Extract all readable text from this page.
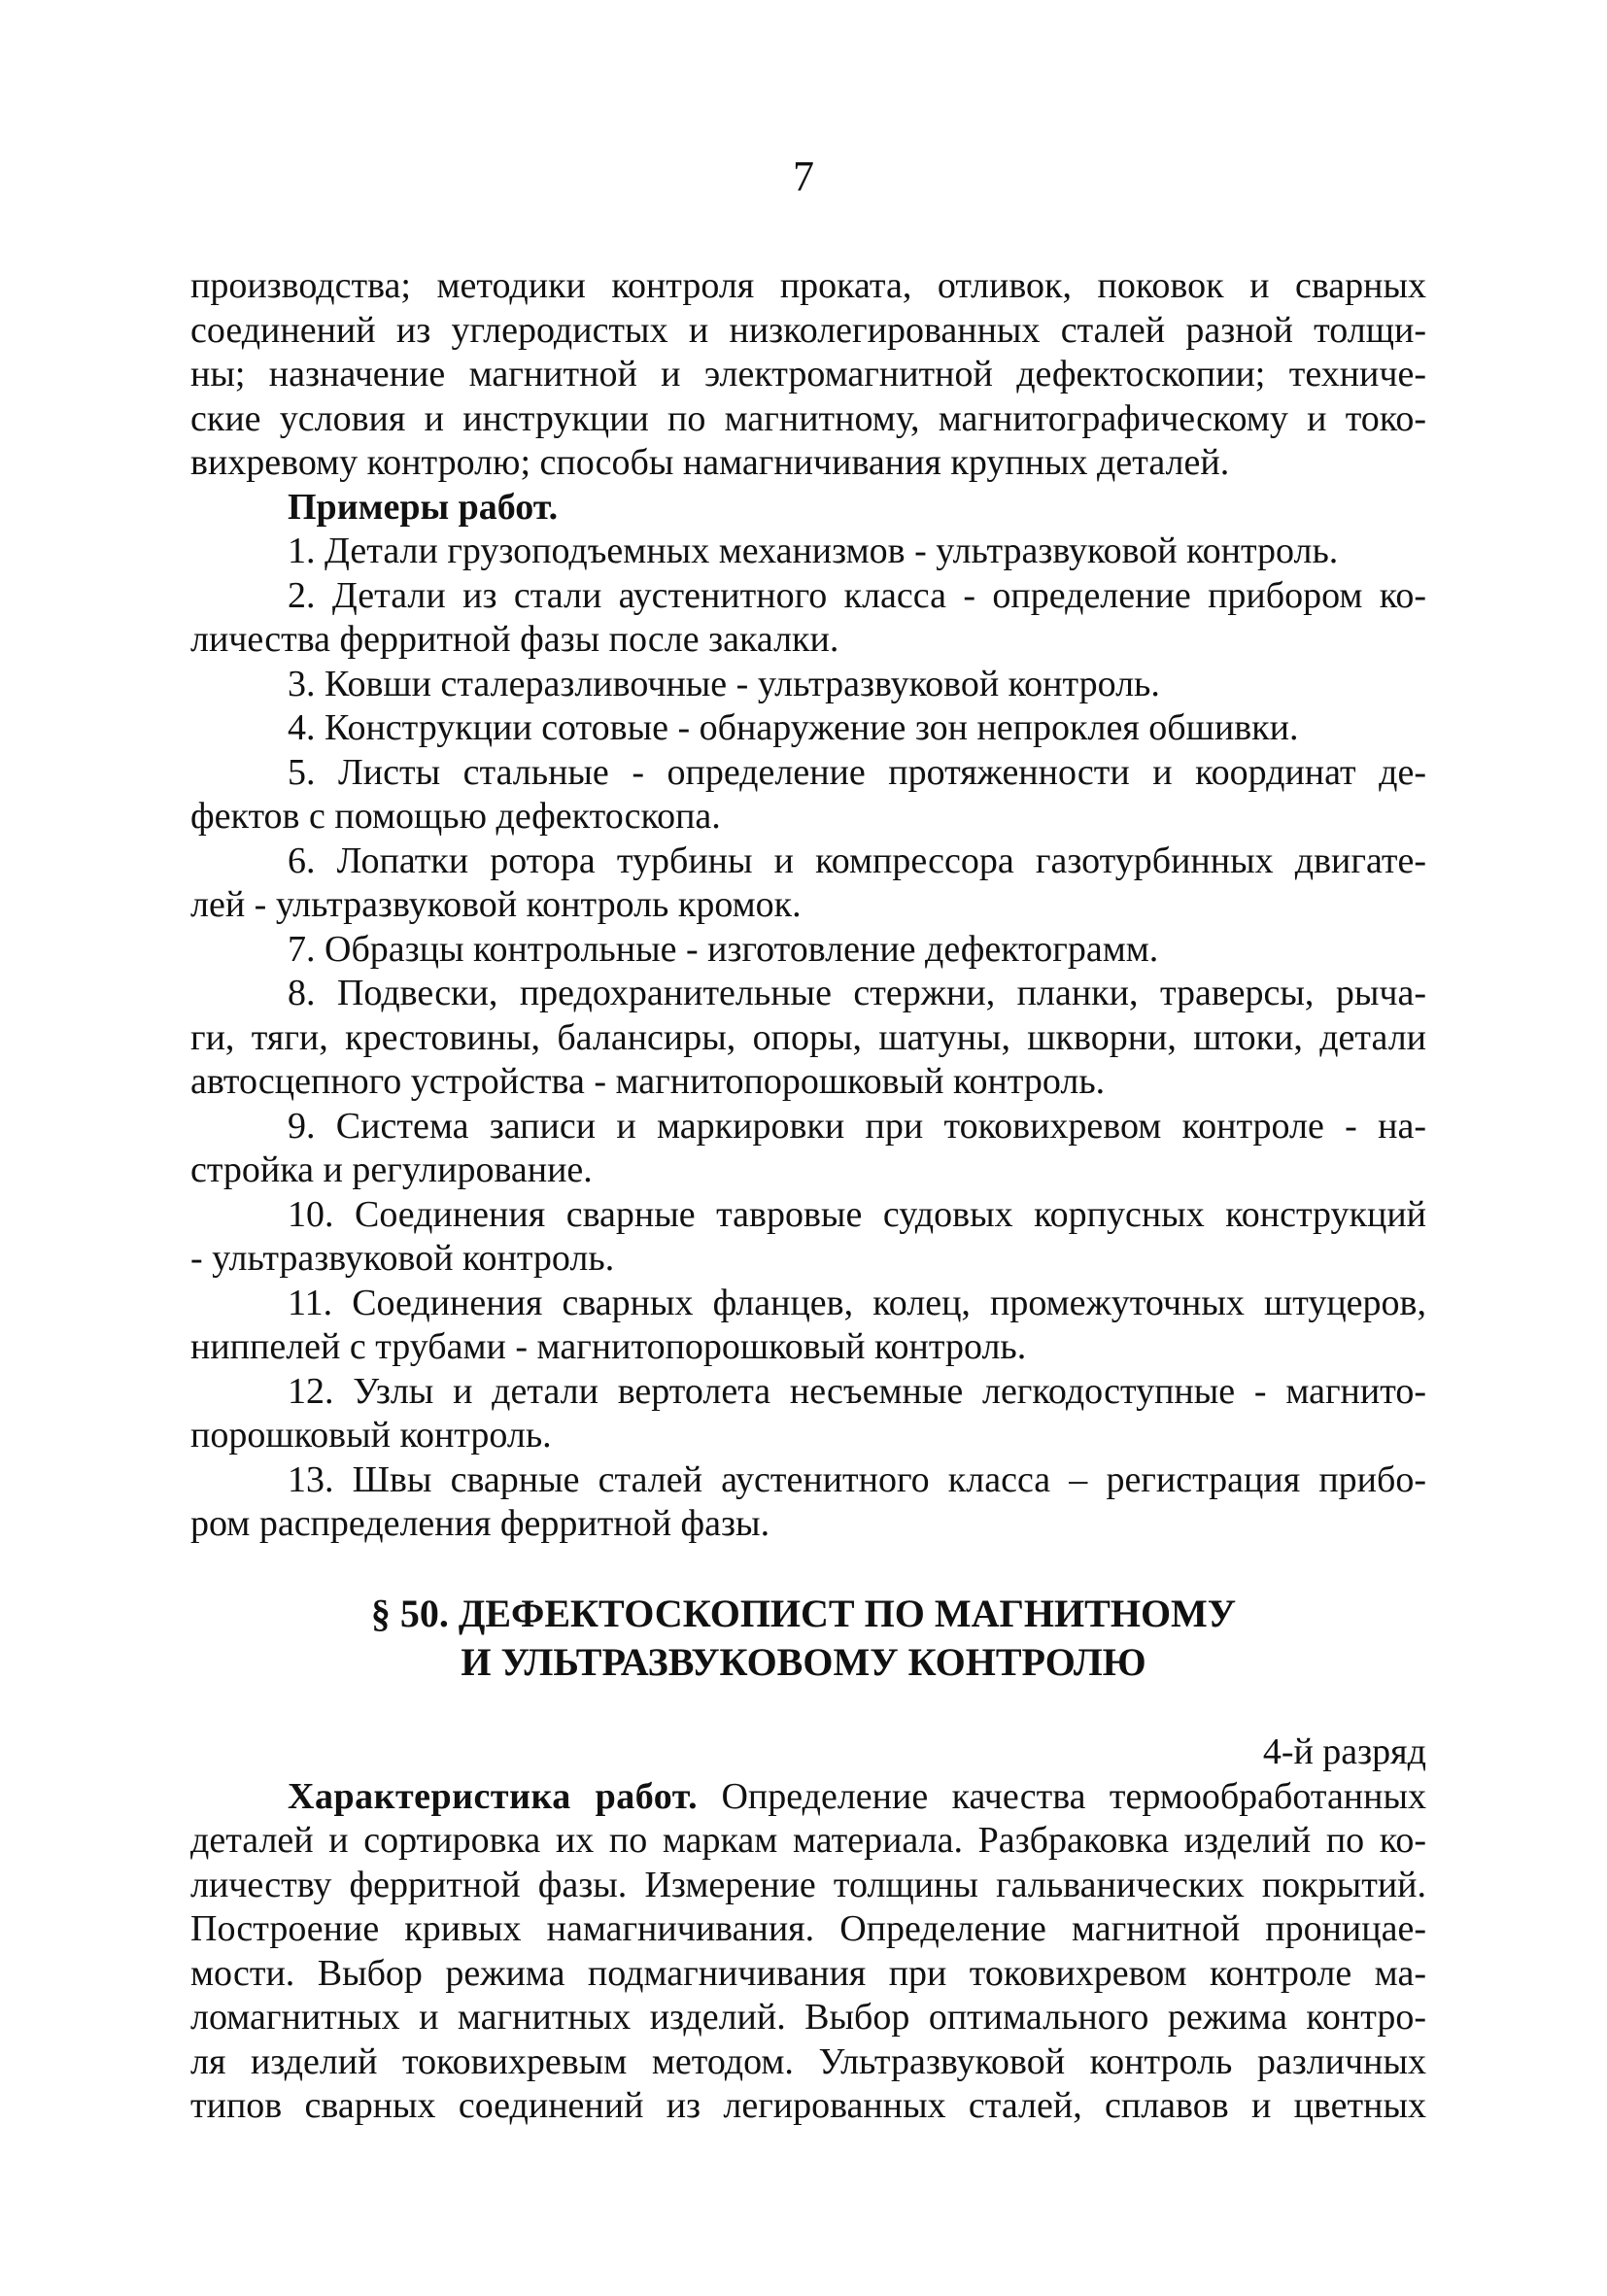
7

производства; методики контроля проката, отливок, поковок и сварных

соединений из углеродистых и низколегированных сталей разной толщи-

ны; назначение магнитной и электромагнитной дефектоскопии; техниче-

ские условия и инструкции по магнитному, магнитографическому и токо-

вихревому контролю; способы намагничивания крупных деталей.

Примеры работ.

1. Детали грузоподъемных механизмов - ультразвуковой контроль.

2. Детали из стали аустенитного класса - определение прибором ко-

личества ферритной фазы после закалки.

3. Ковши сталеразливочные - ультразвуковой контроль.

4. Конструкции сотовые - обнаружение зон непроклея обшивки.

5. Листы стальные - определение протяженности и координат де-

фектов с помощью дефектоскопа.

6. Лопатки ротора турбины и компрессора газотурбинных двигате-

лей - ультразвуковой контроль кромок.

7. Образцы контрольные - изготовление дефектограмм.

8. Подвески, предохранительные стержни, планки, траверсы, рыча-

ги, тяги, крестовины, балансиры, опоры, шатуны, шкворни, штоки, детали

автосцепного устройства - магнитопорошковый контроль.

9. Система записи и маркировки при токовихревом контроле - на-

стройка и регулирование.

10. Соединения сварные тавровые судовых корпусных конструкций

- ультразвуковой контроль.

11. Соединения сварных фланцев, колец, промежуточных штуцеров,

ниппелей с трубами - магнитопорошковый контроль.

12. Узлы и детали вертолета несъемные легкодоступные - магнито-

порошковый контроль.

13. Швы сварные сталей аустенитного класса – регистрация прибо-

ром распределения ферритной фазы.

§ 50. ДЕФЕКТОСКОПИСТ ПО МАГНИТНОМУ
И УЛЬТРАЗВУКОВОМУ КОНТРОЛЮ
4-й разряд

Характеристика работ. Определение качества термообработанных

деталей и сортировка их по маркам материала. Разбраковка изделий по ко-

личеству ферритной фазы. Измерение толщины гальванических покрытий.

Построение кривых намагничивания. Определение магнитной проницае-

мости. Выбор режима подмагничивания при токовихревом контроле ма-

ломагнитных и магнитных изделий. Выбор оптимального режима контро-

ля изделий токовихревым методом. Ультразвуковой контроль различных

типов сварных соединений из легированных сталей, сплавов и цветных
